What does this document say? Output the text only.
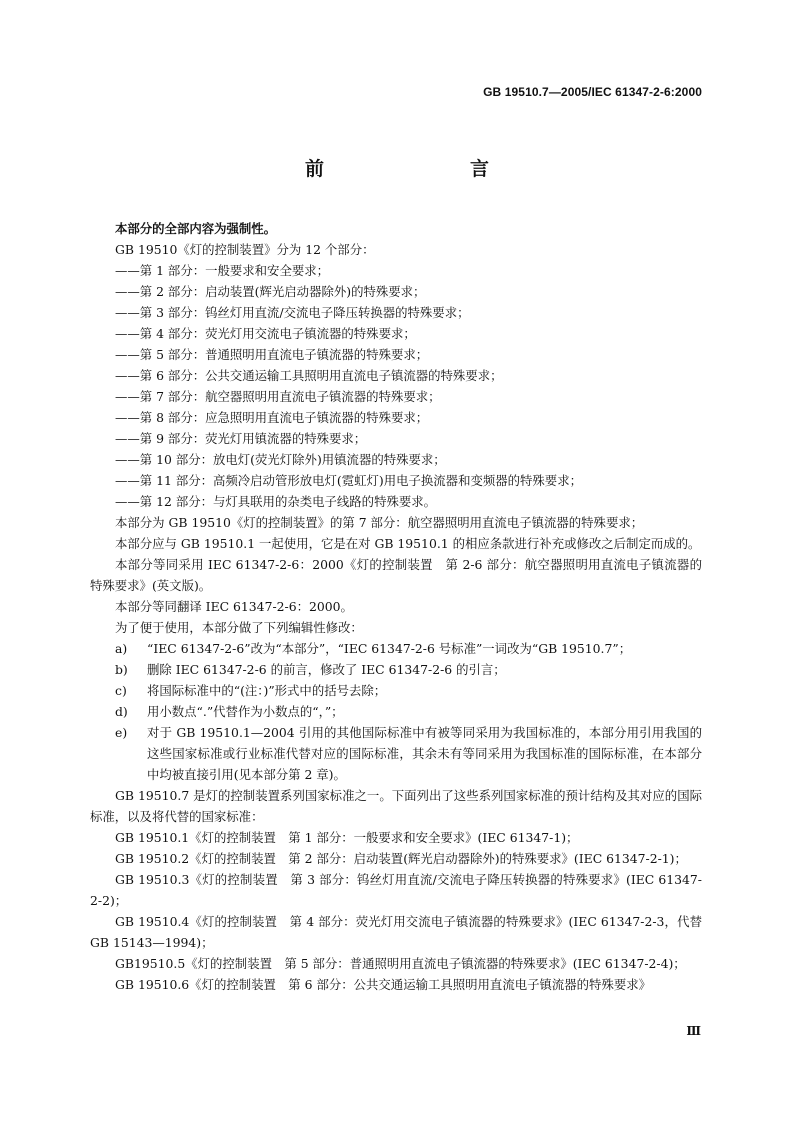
GB 19510.7—2005/IEC 61347-2-6:2000
前　　言

本部分的全部内容为强制性。

GB 19510《灯的控制装置》分为 12 个部分：

——第 1 部分：一般要求和安全要求；

——第 2 部分：启动装置(辉光启动器除外)的特殊要求；

——第 3 部分：钨丝灯用直流/交流电子降压转换器的特殊要求；

——第 4 部分：荧光灯用交流电子镇流器的特殊要求；

——第 5 部分：普通照明用直流电子镇流器的特殊要求；

——第 6 部分：公共交通运输工具照明用直流电子镇流器的特殊要求；

——第 7 部分：航空器照明用直流电子镇流器的特殊要求；

——第 8 部分：应急照明用直流电子镇流器的特殊要求；

——第 9 部分：荧光灯用镇流器的特殊要求；

——第 10 部分：放电灯(荧光灯除外)用镇流器的特殊要求；

——第 11 部分：高频冷启动管形放电灯(霓虹灯)用电子换流器和变频器的特殊要求；

——第 12 部分：与灯具联用的杂类电子线路的特殊要求。

本部分为 GB 19510《灯的控制装置》的第 7 部分：航空器照明用直流电子镇流器的特殊要求；

本部分应与 GB 19510.1 一起使用，它是在对 GB 19510.1 的相应条款进行补充或修改之后制定而成的。

本部分等同采用 IEC 61347-2-6：2000《灯的控制装置　第 2-6 部分：航空器照明用直流电子镇流器的特殊要求》(英文版)。

本部分等同翻译 IEC 61347-2-6：2000。

为了便于使用，本部分做了下列编辑性修改：

a) “IEC 61347-2-6”改为“本部分”，“IEC 61347-2-6 号标准”一词改为“GB 19510.7”；
b) 删除 IEC 61347-2-6 的前言，修改了 IEC 61347-2-6 的引言；
c) 将国际标准中的“(注：)”形式中的括号去除；
d) 用小数点“.”代替作为小数点的“，”；
e) 对于 GB 19510.1—2004 引用的其他国际标准中有被等同采用为我国标准的，本部分用引用我国的这些国家标准或行业标准代替对应的国际标准，其余未有等同采用为我国标准的国际标准，在本部分中均被直接引用(见本部分第 2 章)。

GB 19510.7 是灯的控制装置系列国家标准之一。下面列出了这些系列国家标准的预计结构及其对应的国际标准，以及将代替的国家标准：

GB 19510.1《灯的控制装置　第 1 部分：一般要求和安全要求》(IEC 61347-1)；

GB 19510.2《灯的控制装置　第 2 部分：启动装置(辉光启动器除外)的特殊要求》(IEC 61347-2-1)；

GB 19510.3《灯的控制装置　第 3 部分：钨丝灯用直流/交流电子降压转换器的特殊要求》(IEC 61347-2-2)；

GB 19510.4《灯的控制装置　第 4 部分：荧光灯用交流电子镇流器的特殊要求》(IEC 61347-2-3，代替 GB 15143—1994)；

GB19510.5《灯的控制装置　第 5 部分：普通照明用直流电子镇流器的特殊要求》(IEC 61347-2-4)；

GB 19510.6《灯的控制装置　第 6 部分：公共交通运输工具照明用直流电子镇流器的特殊要求》

Ⅲ
